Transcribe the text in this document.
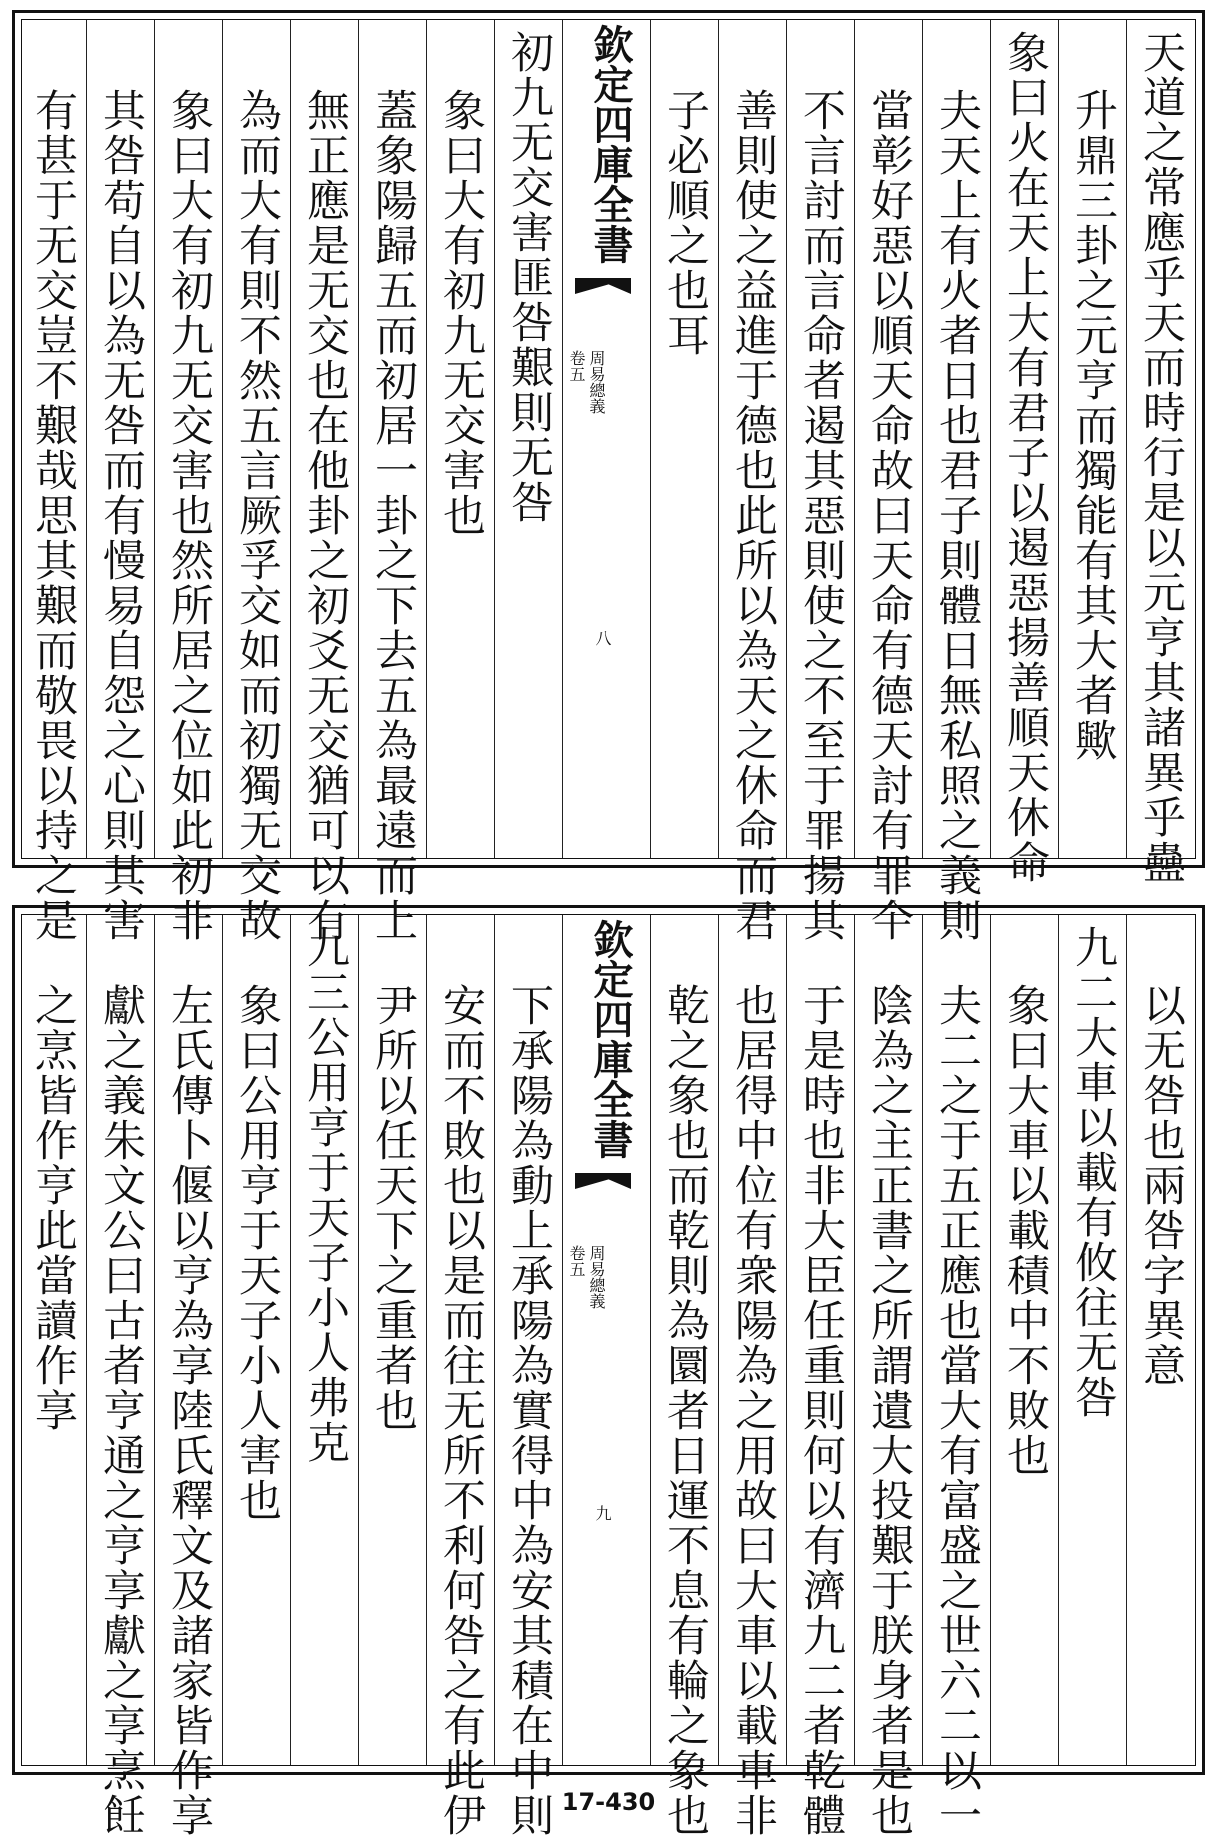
天道之常應乎天而時行是以元亨其諸異乎蠱
升鼎三卦之元亨而獨能有其大者歟
象曰火在天上大有君子以遏惡揚善順天休命
夫天上有火者日也君子則體日無私照之義則
當彰好惡以順天命故曰天命有德天討有罪仐
不言討而言命者遏其惡則使之不至于罪揚其
善則使之益進于德也此所以為天之休命而君
子必順之也耳
欽定四庫全書
周易總義
卷五
八
初九无交害匪咎艱則无咎
象曰大有初九无交害也
蓋象陽歸五而初居一卦之下去五為最遠而上
無正應是无交也在他卦之初爻无交猶可以有
為而大有則不然五言厥孚交如而初獨无交故
象曰大有初九无交害也然所居之位如此初非
其咎苟自以為无咎而有慢易自怨之心則其害
有甚于无交豈不艱哉思其艱而敬畏以持之是
以无咎也兩咎字異意
九二大車以載有攸往无咎
象曰大車以載積中不敗也
夫二之于五正應也當大有富盛之世六二以一
陰為之主正書之所謂遺大投艱于朕身者是也
于是時也非大臣任重則何以有濟九二者乾體
也居得中位有衆陽為之用故曰大車以載車非
乾之象也而乾則為圜者日運不息有輪之象也
欽定四庫全書
周易總義
卷五
九
下承陽為動上承陽為實得中為安其積在中則
安而不敗也以是而往无所不利何咎之有此伊
尹所以任天下之重者也
九三公用亨于天子小人弗克
象曰公用亨于天子小人害也
左氏傳卜偃以亨為享陸氏釋文及諸家皆作享
獻之義朱文公曰古者亨通之亨享獻之享烹飪
之烹皆作亨此當讀作享
17-430
